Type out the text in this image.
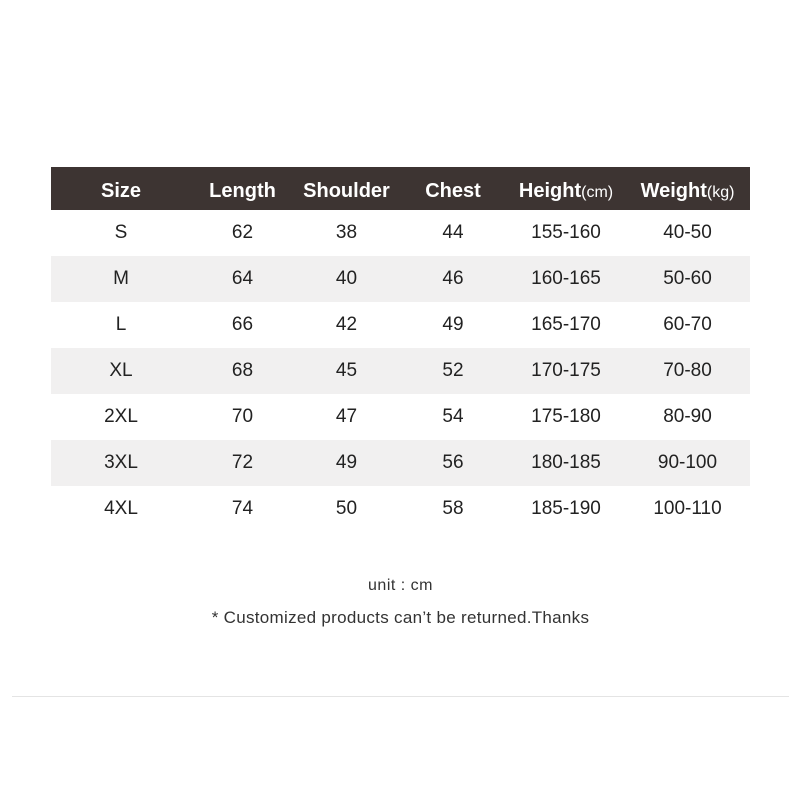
Size	Length	Shoulder	Chest	Height(cm)	Weight(kg)
S	62	38	44	155-160	40-50
M	64	40	46	160-165	50-60
L	66	42	49	165-170	60-70
XL	68	45	52	170-175	70-80
2XL	70	47	54	175-180	80-90
3XL	72	49	56	180-185	90-100
4XL	74	50	58	185-190	100-110
unit : cm
* Customized products can’t be returned.Thanks
